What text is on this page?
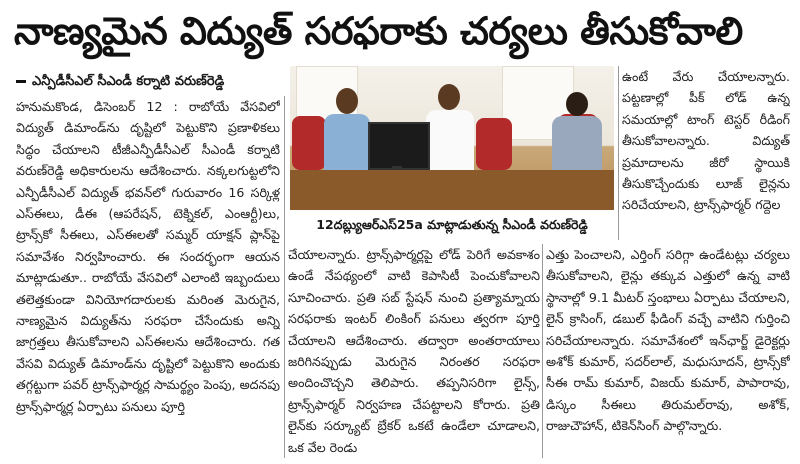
నాణ్యమైన విద్యుత్ సరఫరాకు చర్యలు తీసుకోవాలి
ఎన్పీడీసీఎల్ సీఎండీ కర్నాటి వరుణ్‌రెడ్డి

హనుమకొండ, డిసెంబర్ 12 : రాబోయే వేసవిలో విద్యుత్ డిమాండ్‌ను దృష్టిలో పెట్టుకొని ప్రణాళికలు సిద్ధం చేయాలని టీజీఎన్పీడీసీఎల్ సీఎండీ కర్నాటి వరుణ్‌రెడ్డి అధికారులను ఆదేశించారు. నక్కలగుట్టలోని ఎన్పీడీసీఎల్ విద్యుత్ భవన్‌లో గురువారం 16 సర్కిళ్ల ఎస్‌ఈలు, డీఈ (ఆపరేషన్, టెక్నికల్, ఎంఆర్టీ)లు, ట్రాన్స్‌కో సీఈలు, ఎస్‌ఈలతో సమ్మర్ యాక్షన్ ప్లాన్‌పై సమావేశం నిర్వహించారు. ఈ సందర్భంగా ఆయన మాట్లాడుతూ.. రాబోయే వేసవిలో ఎలాంటి ఇబ్బందులు తలెత్తకుండా వినియోగదారులకు మరింత మెరుగైన, నాణ్యమైన విద్యుత్‌ను సరఫరా చేసేందుకు అన్ని జాగ్రత్తలు తీసుకోవాలని ఎస్‌ఈలను ఆదేశించారు. గత వేసవి విద్యుత్ డిమాండ్‌ను దృష్టిలో పెట్టుకొని అందుకు తగ్గట్టుగా పవర్ ట్రాన్స్‌ఫార్మర్ల సామర్థ్యం పెంపు, అదనపు ట్రాన్స్‌ఫార్మర్ల ఏర్పాటు పనులు పూర్తి

12దబ్ల్యుఆర్ఎస్25a మాట్లాడుతున్న సీఎండీ వరుణ్‌రెడ్డి

ఉంటే వేరు చేయాలన్నారు. పట్టణాల్లో పీక్ లోడ్ ఉన్న సమయాల్లో టాంగ్ టెస్టర్ రీడింగ్ తీసుకోవాలన్నారు. విద్యుత్ ప్రమాదాలను జీరో స్థాయికి తీసుకొచ్చేందుకు లూజ్ లైన్లను సరిచేయాలని, ట్రాన్స్‌ఫార్మర్ గద్దెల

చేయాలన్నారు. ట్రాన్స్‌ఫార్మర్లపై లోడ్ పెరిగే అవకాశం ఉండే నేపథ్యంలో వాటి కెపాసిటీ పెంచుకోవాలని సూచించారు. ప్రతి సబ్ స్టేషన్ నుంచి ప్రత్యామ్నాయ సరఫరాకు ఇంటర్ లింకింగ్ పనులు త్వరగా పూర్తి చేయాలని ఆదేశించారు. తద్వారా అంతరాయాలు జరిగినప్పుడు మెరుగైన నిరంతర సరఫరా అందించొచ్చని తెలిపారు. తప్పనిసరిగా లైన్స్, ట్రాన్స్‌ఫార్మర్ నిర్వహణ చేపట్టాలని కోరారు. ప్రతి లైన్‌కు సర్క్యూట్ బ్రేకర్ ఒకటే ఉండేలా చూడాలని, ఒక వేల రెండు

ఎత్తు పెంచాలని, ఎర్తింగ్ సరిగ్గా ఉండేటట్లు చర్యలు తీసుకోవాలని, లైన్లు తక్కువ ఎత్తులో ఉన్న వాటి స్థానాల్లో 9.1 మీటర్ స్తంభాలు ఏర్పాటు చేయాలని, లైన్ క్రాసింగ్, డబుల్ ఫీడింగ్ వచ్చే వాటిని గుర్తించి సరిచేయాలన్నారు. సమావేశంలో ఇన్‌ఛార్జ్ డైరెక్టర్లు అశోక్ కుమార్, సదర్‌లాల్, మధుసూదన్, ట్రాన్స్‌కో సీఈ రామ్ కుమార్, విజయ్ కుమార్, పాపారావు, డిస్కం సీఈలు తిరుమల్‌రావు, అశోక్, రాజుచౌహాన్, టికెన్‌సింగ్ పాల్గొన్నారు.
